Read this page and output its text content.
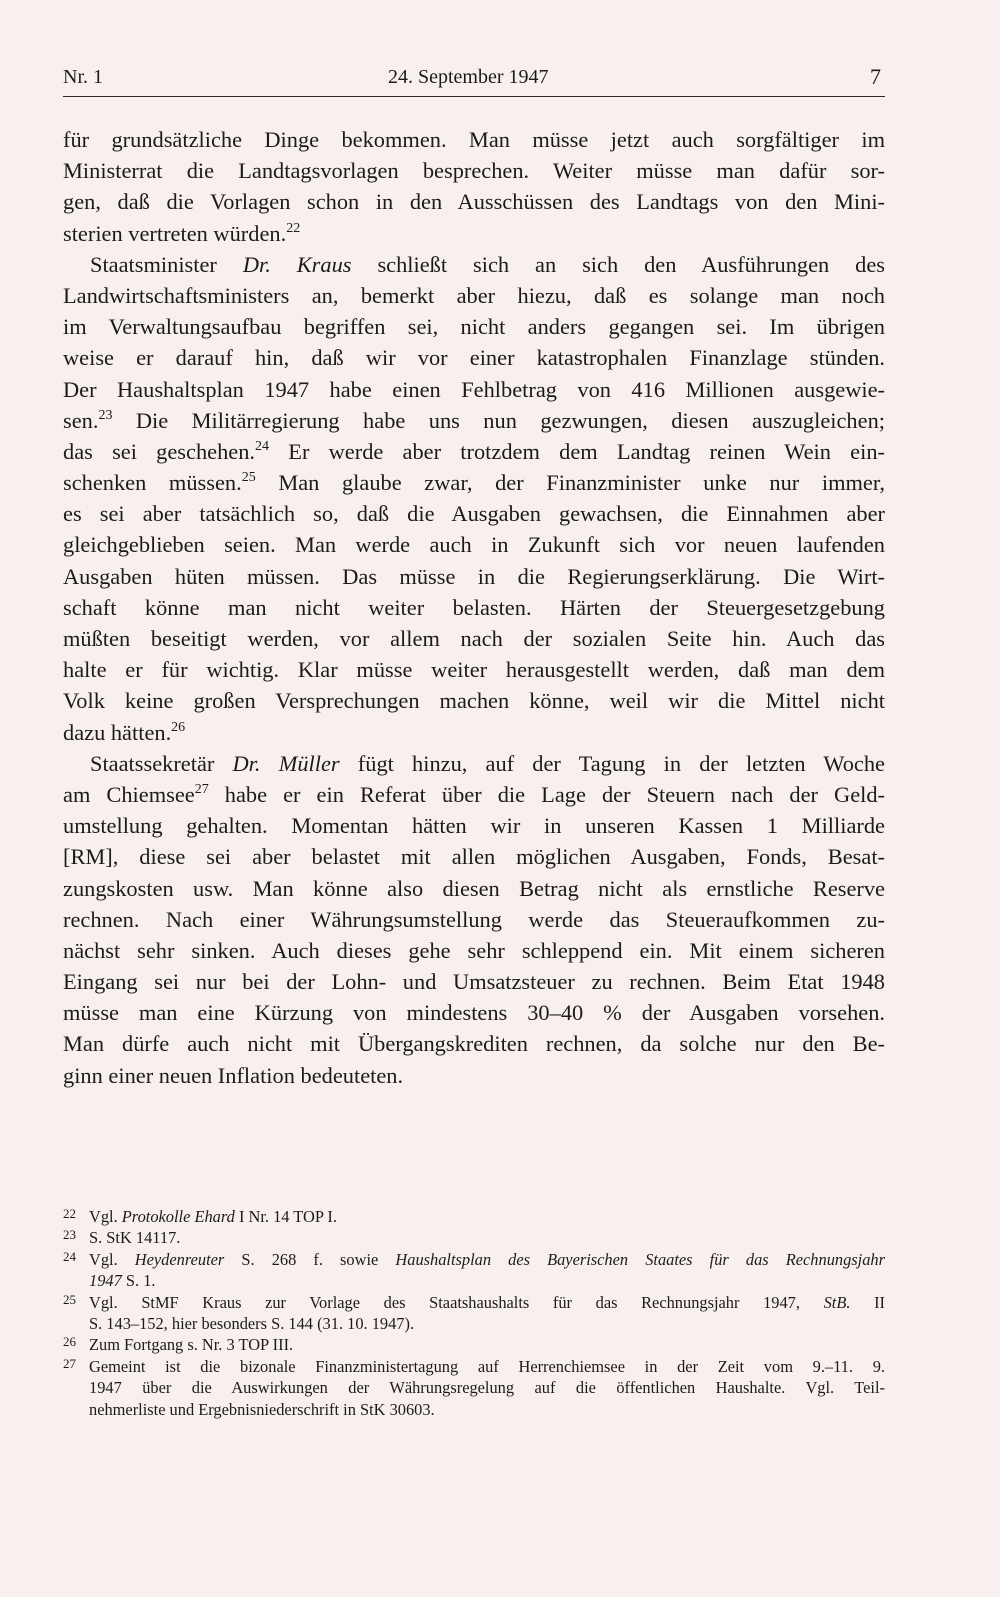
Nr. 1	24. September 1947	7
für grundsätzliche Dinge bekommen. Man müsse jetzt auch sorgfältiger im
Ministerrat die Landtagsvorlagen besprechen. Weiter müsse man dafür sor-
gen, daß die Vorlagen schon in den Ausschüssen des Landtags von den Mini-
sterien vertreten würden.$^{22}$
Staatsminister Dr. Kraus schließt sich an sich den Ausführungen des
Landwirtschaftsministers an, bemerkt aber hiezu, daß es solange man noch
im Verwaltungsaufbau begriffen sei, nicht anders gegangen sei. Im übrigen
weise er darauf hin, daß wir vor einer katastrophalen Finanzlage stünden.
Der Haushaltsplan 1947 habe einen Fehlbetrag von 416 Millionen ausgewie-
sen.$^{23}$ Die Militärregierung habe uns nun gezwungen, diesen auszugleichen;
das sei geschehen.$^{24}$ Er werde aber trotzdem dem Landtag reinen Wein ein-
schenken müssen.$^{25}$ Man glaube zwar, der Finanzminister unke nur immer,
es sei aber tatsächlich so, daß die Ausgaben gewachsen, die Einnahmen aber
gleichgeblieben seien. Man werde auch in Zukunft sich vor neuen laufenden
Ausgaben hüten müssen. Das müsse in die Regierungserklärung. Die Wirt-
schaft könne man nicht weiter belasten. Härten der Steuergesetzgebung
müßten beseitigt werden, vor allem nach der sozialen Seite hin. Auch das
halte er für wichtig. Klar müsse weiter herausgestellt werden, daß man dem
Volk keine großen Versprechungen machen könne, weil wir die Mittel nicht
dazu hätten.$^{26}$
Staatssekretär Dr. Müller fügt hinzu, auf der Tagung in der letzten Woche
am Chiemsee$^{27}$ habe er ein Referat über die Lage der Steuern nach der Geld-
umstellung gehalten. Momentan hätten wir in unseren Kassen 1 Milliarde
[RM], diese sei aber belastet mit allen möglichen Ausgaben, Fonds, Besat-
zungskosten usw. Man könne also diesen Betrag nicht als ernstliche Reserve
rechnen. Nach einer Währungsumstellung werde das Steueraufkommen zu-
nächst sehr sinken. Auch dieses gehe sehr schleppend ein. Mit einem sicheren
Eingang sei nur bei der Lohn- und Umsatzsteuer zu rechnen. Beim Etat 1948
müsse man eine Kürzung von mindestens 30–40 % der Ausgaben vorsehen.
Man dürfe auch nicht mit Übergangskrediten rechnen, da solche nur den Be-
ginn einer neuen Inflation bedeuteten.
22 Vgl. Protokolle Ehard I Nr. 14 TOP I.
23 S. StK 14117.
24 Vgl. Heydenreuter S. 268 f. sowie Haushaltsplan des Bayerischen Staates für das Rechnungsjahr
1947 S. 1.
25 Vgl. StMF Kraus zur Vorlage des Staatshaushalts für das Rechnungsjahr 1947, StB. II
S. 143–152, hier besonders S. 144 (31. 10. 1947).
26 Zum Fortgang s. Nr. 3 TOP III.
27 Gemeint ist die bizonale Finanzministertagung auf Herrenchiemsee in der Zeit vom 9.–11. 9.
1947 über die Auswirkungen der Währungsregelung auf die öffentlichen Haushalte. Vgl. Teil-
nehmerliste und Ergebnisniederschrift in StK 30603.
